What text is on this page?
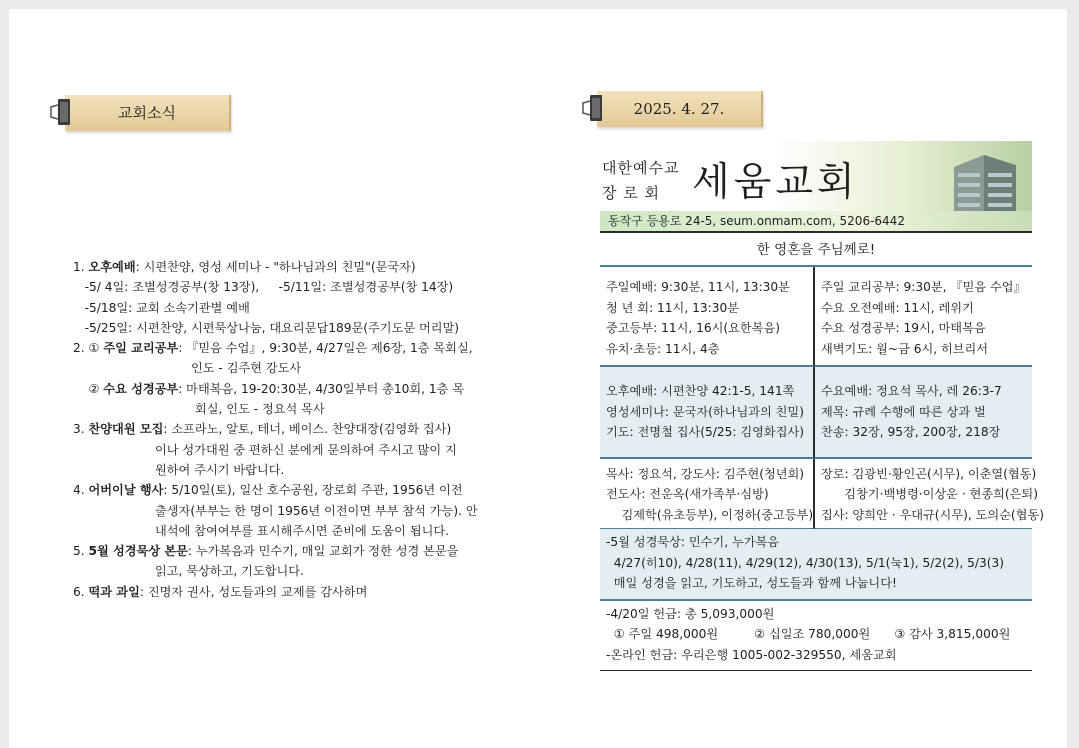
교회소식
1. 오후예배: 시편찬양, 영성 세미나 - "하나님과의 친밀"(문국자)
-5/ 4일: 조별성경공부(창 13장),     -5/11일: 조별성경공부(창 14장)
-5/18일: 교회 소속기관별 예배
-5/25일: 시편찬양, 시편묵상나눔, 대요리문답189문(주기도문 머리말)
2. ① 주일 교리공부: 『믿음 수업』, 9:30분, 4/27일은 제6장, 1층 목회실,
인도 - 김주현 강도사
② 수요 성경공부: 마태복음, 19-20:30분, 4/30일부터 총10회, 1층 목
회실, 인도 - 정요석 목사
3. 찬양대원 모집: 소프라노, 알토, 테너, 베이스. 찬양대장(김영화 집사)
이나 성가대원 중 편하신 분에게 문의하여 주시고 많이 지
원하여 주시기 바랍니다.
4. 어버이날 행사: 5/10일(토), 일산 호수공원, 장로회 주관, 1956년 이전
출생자(부부는 한 명이 1956년 이전이면 부부 참석 가능). 안
내석에 참여여부를 표시해주시면 준비에 도움이 됩니다.
5. 5월 성경묵상 본문: 누가복음과 민수기, 매일 교회가 정한 성경 본문을
읽고, 묵상하고, 기도합니다.
6. 떡과 과일: 진명자 권사, 성도들과의 교제를 감사하며
2025. 4. 27.
대한예수교
장 로 회 세움교회
동작구 등용로 24-5, seum.onmam.com, 5206-6442
한 영혼을 주님께로!
주일예배: 9:30분, 11시, 13:30분
청 년 회: 11시, 13:30분
중고등부: 11시, 16시(요한복음)
유치·초등: 11시, 4층
주일 교리공부: 9:30분, 『믿음 수업』
수요 오전예배: 11시, 레위기
수요 성경공부: 19시, 마태복음
새벽기도: 월~금 6시, 히브리서
오후예배: 시편찬양 42:1-5, 141쪽
영성세미나: 문국자(하나님과의 친밀)
기도: 전명철 집사(5/25: 김영화집사)
수요예배: 정요석 목사, 레 26:3-7
제목: 규례 수행에 따른 상과 벌
찬송: 32장, 95장, 200장, 218장
목사: 정요석, 강도사: 김주현(청년회)
전도사: 전운옥(새가족부·심방)
김제학(유초등부), 이정하(중고등부)
장로: 김광빈·황인곤(시무), 이춘열(협동)
김창기·백병령·이상운 · 현종희(은퇴)
집사: 양희안 · 우대규(시무), 도의순(협동)
-5월 성경묵상: 민수기, 누가복음
4/27(히10), 4/28(11), 4/29(12), 4/30(13), 5/1(눅1), 5/2(2), 5/3(3)
매일 성경을 읽고, 기도하고, 성도들과 함께 나눕니다!
-4/20일 헌금: 총 5,093,000원
① 주일 498,000원	② 십일조 780,000원 ③ 감사 3,815,000원
-온라인 헌금: 우리은행 1005-002-329550, 세움교회
